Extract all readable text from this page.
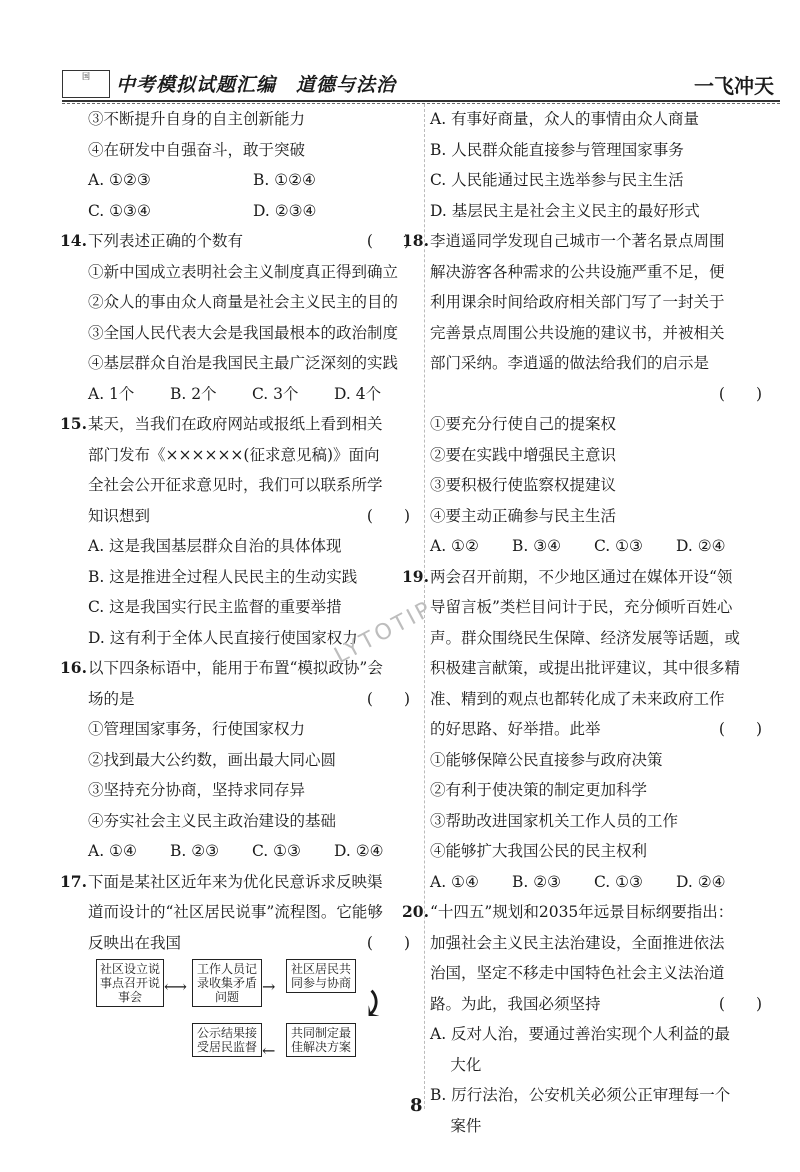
国	中考模拟试题汇编　道德与法治	一飞冲天
③不断提升自身的自主创新能力
④在研发中自强奋斗，敢于突破
A. ①②③	B. ①②④
C. ①③④	D. ②③④
14. 下列表述正确的个数有	(　　)
①新中国成立表明社会主义制度真正得到确立
②众人的事由众人商量是社会主义民主的目的
③全国人民代表大会是我国最根本的政治制度
④基层群众自治是我国民主最广泛深刻的实践
A. 1个 B. 2个 C. 3个 D. 4个
15. 某天，当我们在政府网站或报纸上看到相关
部门发布《××××××(征求意见稿)》面向
全社会公开征求意见时，我们可以联系所学
知识想到	(　　)
A. 这是我国基层群众自治的具体体现
B. 这是推进全过程人民民主的生动实践
C. 这是我国实行民主监督的重要举措
D. 这有利于全体人民直接行使国家权力
16. 以下四条标语中，能用于布置“模拟政协”会
场的是	(　　)
①管理国家事务，行使国家权力
②找到最大公约数，画出最大同心圆
③坚持充分协商，坚持求同存异
④夯实社会主义民主政治建设的基础
A. ①④ B. ②③ C. ①③ D. ②④
17. 下面是某社区近年来为优化民意诉求反映渠
道而设计的“社区居民说事”流程图。它能够
反映出在我国	(　　)
A. 有事好商量，众人的事情由众人商量
B. 人民群众能直接参与管理国家事务
C. 人民能通过民主选举参与民主生活
D. 基层民主是社会主义民主的最好形式
18. 李逍遥同学发现自己城市一个著名景点周围
解决游客各种需求的公共设施严重不足，便
利用课余时间给政府相关部门写了一封关于
完善景点周围公共设施的建议书，并被相关
部门采纳。李逍遥的做法给我们的启示是
(　　)
①要充分行使自己的提案权
②要在实践中增强民主意识
③要积极行使监察权提建议
④要主动正确参与民主生活
A. ①② B. ③④ C. ①③ D. ②④
19. 两会召开前期，不少地区通过在媒体开设“领
导留言板”类栏目问计于民，充分倾听百姓心
声。群众围绕民生保障、经济发展等话题，或
积极建言献策，或提出批评建议，其中很多精
准、精到的观点也都转化成了未来政府工作
的好思路、好举措。此举	(　　)
①能够保障公民直接参与政府决策
②有利于使决策的制定更加科学
③帮助改进国家机关工作人员的工作
④能够扩大我国公民的民主权利
A. ①④ B. ②③ C. ①③ D. ②④
20. “十四五”规划和2035年远景目标纲要指出：
加强社会主义民主法治建设，全面推进依法
治国，坚定不移走中国特色社会主义法治道
路。为此，我国必须坚持	(　　)
A. 反对人治，要通过善治实现个人利益的最
　 大化
B. 厉行法治，公安机关必须公正审理每一个
　 案件
社区设立说事点召开说事会
⟷
工作人员记录收集矛盾问题
→
社区居民共同参与协商
⤸
共同制定最佳解决方案
←
公示结果接受居民监督
LYTOTIP
8
